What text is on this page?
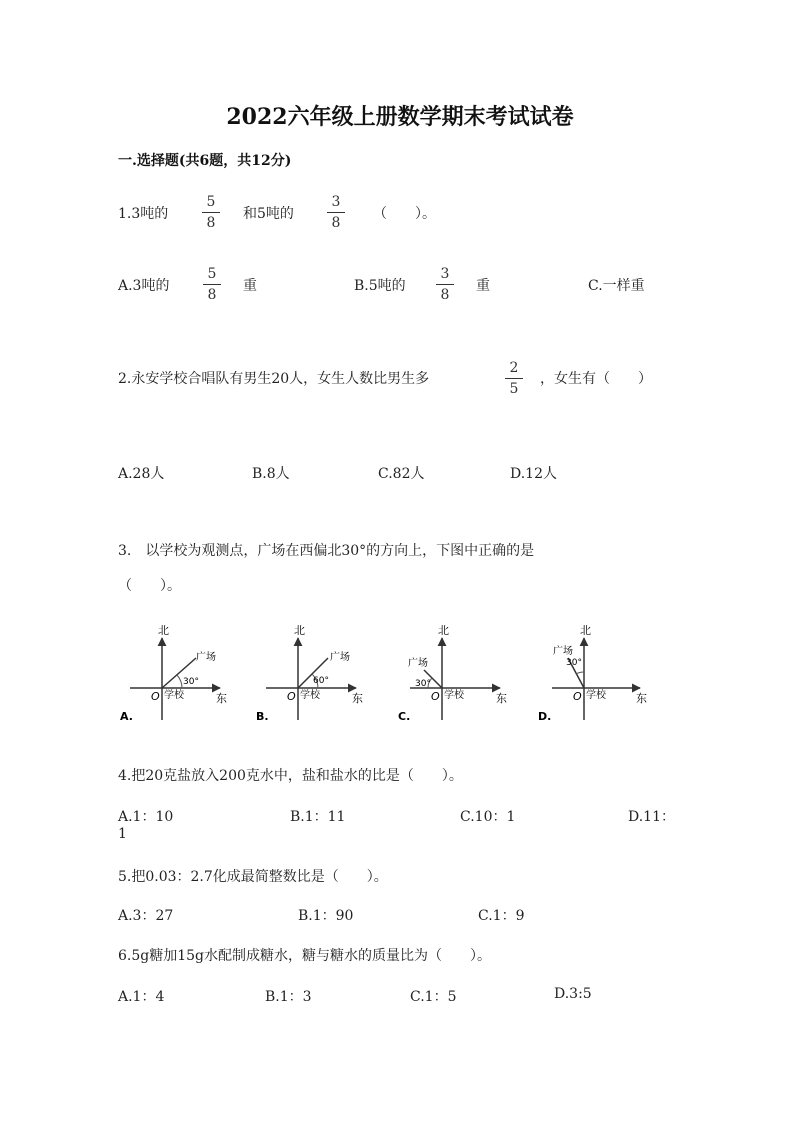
2022六年级上册数学期末考试试卷
一.选择题(共6题，共12分)
1.3吨的 $\frac{5}{8}$ 和5吨的 $\frac{3}{8}$ （　　）。
A.3吨的 $\frac{5}{8}$ 重	B.5吨的 $\frac{3}{8}$ 重	C.一样重
2.永安学校合唱队有男生20人，女生人数比男生多	$\frac{2}{5}$ ，女生有（　　）
A.28人	B.8人	C.82人	D.12人
3.　以学校为观测点，广场在西偏北30°的方向上，下图中正确的是
（　　）。
北
东
O 学校
广场
30°
A.
北
东
O 学校
广场
60°
B.
北
东
O 学校
广场
30°
C.
北
东
O 学校
广场
30°
D.
4.把20克盐放入200克水中，盐和盐水的比是（　　）。
A.1：10	B.1：11	C.10：1	D.11：
1
5.把0.03：2.7化成最简整数比是（　　）。
A.3：27	B.1：90	C.1：9
6.5g糖加15g水配制成糖水，糖与糖水的质量比为（　　）。
A.1：4	B.1：3	C.1：5	D.3:5
